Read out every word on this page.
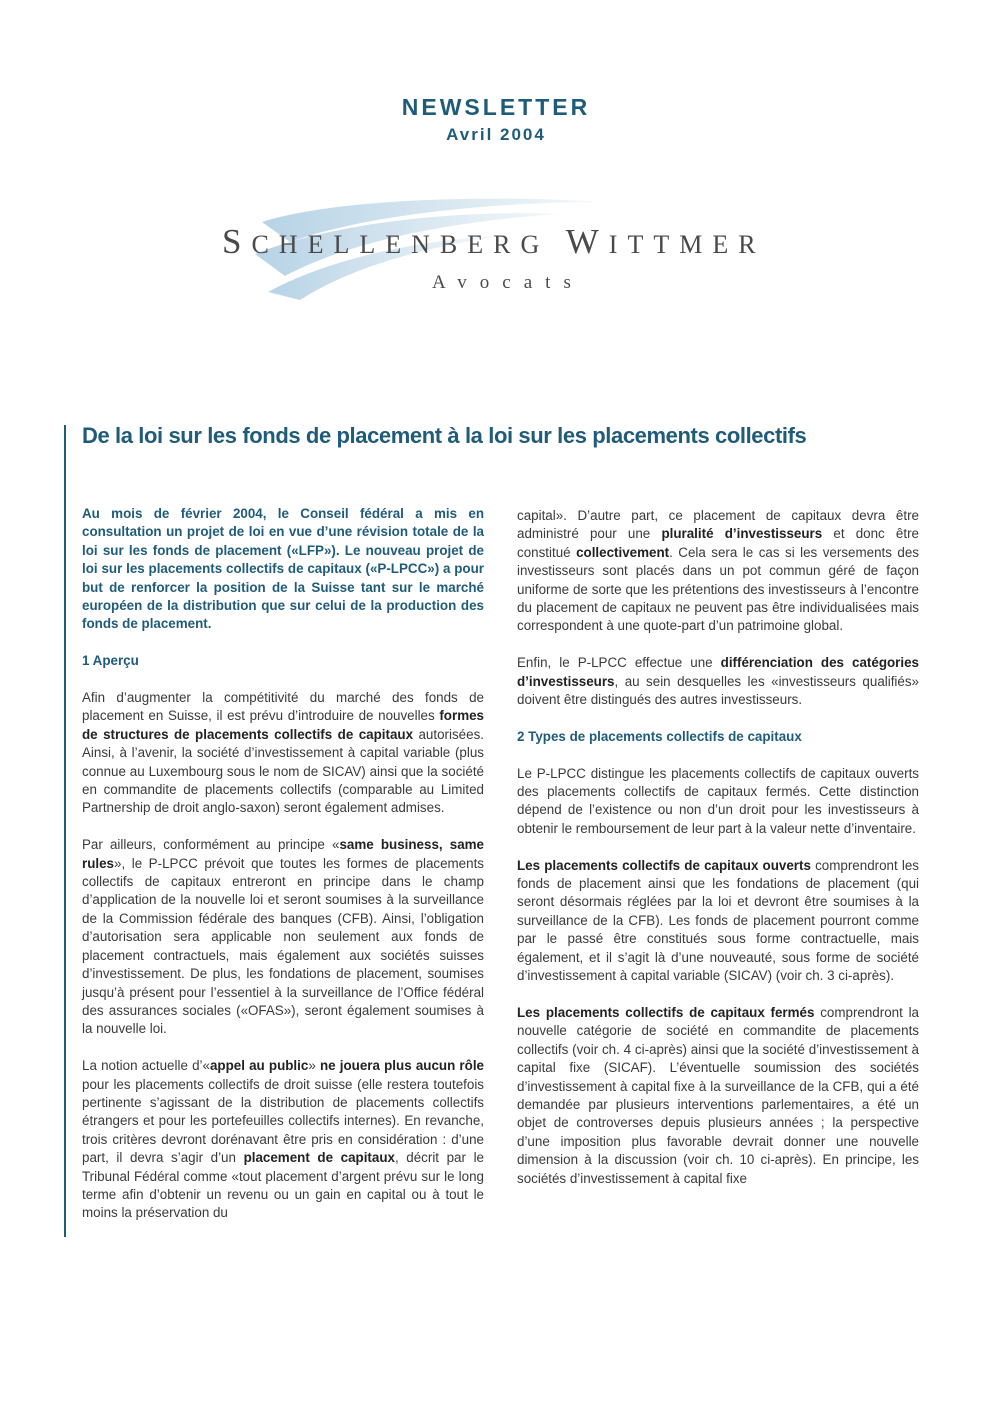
NEWSLETTER
Avril 2004
SCHELLENBERG WITTMER
Avocats
De la loi sur les fonds de placement à la loi sur les placements collectifs

Au mois de février 2004, le Conseil fédéral a mis en consultation un projet de loi en vue d’une révision totale de la loi sur les fonds de placement («LFP»). Le nouveau projet de loi sur les placements collectifs de capitaux («P-LPCC») a pour but de renforcer la position de la Suisse tant sur le marché européen de la distribution que sur celui de la production des fonds de placement.

1 Aperçu

Afin d’augmenter la compétitivité du marché des fonds de placement en Suisse, il est prévu d’introduire de nouvelles formes de structures de placements collectifs de capitaux autorisées. Ainsi, à l’avenir, la société d’investissement à capital variable (plus connue au Luxembourg sous le nom de SICAV) ainsi que la société en commandite de placements collectifs (comparable au Limited Partnership de droit anglo-saxon) seront également admises.

Par ailleurs, conformément au principe «same business, same rules», le P-LPCC prévoit que toutes les formes de placements collectifs de capitaux entreront en principe dans le champ d’application de la nouvelle loi et seront soumises à la surveillance de la Commission fédérale des banques (CFB). Ainsi, l’obligation d’autorisation sera applicable non seulement aux fonds de placement contractuels, mais également aux sociétés suisses d’investissement. De plus, les fondations de placement, soumises jusqu’à présent pour l’essentiel à la surveillance de l’Office fédéral des assurances sociales («OFAS»), seront également soumises à la nouvelle loi.

La notion actuelle d’«appel au public» ne jouera plus aucun rôle pour les placements collectifs de droit suisse (elle restera toutefois pertinente s’agissant de la distribution de placements collectifs étrangers et pour les portefeuilles collectifs internes). En revanche, trois critères devront dorénavant être pris en considération : d’une part, il devra s’agir d’un placement de capitaux, décrit par le Tribunal Fédéral comme «tout placement d’argent prévu sur le long terme afin d’obtenir un revenu ou un gain en capital ou à tout le moins la préservation du

capital». D’autre part, ce placement de capitaux devra être administré pour une pluralité d’investisseurs et donc être constitué collectivement. Cela sera le cas si les versements des investisseurs sont placés dans un pot commun géré de façon uniforme de sorte que les prétentions des investisseurs à l’encontre du placement de capitaux ne peuvent pas être individualisées mais correspondent à une quote-part d’un patrimoine global.

Enfin, le P-LPCC effectue une différenciation des catégories d’investisseurs, au sein desquelles les «investisseurs qualifiés» doivent être distingués des autres investisseurs.

2 Types de placements collectifs de capitaux

Le P-LPCC distingue les placements collectifs de capitaux ouverts des placements collectifs de capitaux fermés. Cette distinction dépend de l’existence ou non d’un droit pour les investisseurs à obtenir le remboursement de leur part à la valeur nette d’inventaire.

Les placements collectifs de capitaux ouverts comprendront les fonds de placement ainsi que les fondations de placement (qui seront désormais réglées par la loi et devront être soumises à la surveillance de la CFB). Les fonds de placement pourront comme par le passé être constitués sous forme contractuelle, mais également, et il s’agit là d’une nouveauté, sous forme de société d’investissement à capital variable (SICAV) (voir ch. 3 ci-après).

Les placements collectifs de capitaux fermés comprendront la nouvelle catégorie de société en commandite de placements collectifs (voir ch. 4 ci-après) ainsi que la société d’investissement à capital fixe (SICAF). L’éventuelle soumission des sociétés d’investissement à capital fixe à la surveillance de la CFB, qui a été demandée par plusieurs interventions parlementaires, a été un objet de controverses depuis plusieurs années ; la perspective d’une imposition plus favorable devrait donner une nouvelle dimension à la discussion (voir ch. 10 ci-après). En principe, les sociétés d’investissement à capital fixe
